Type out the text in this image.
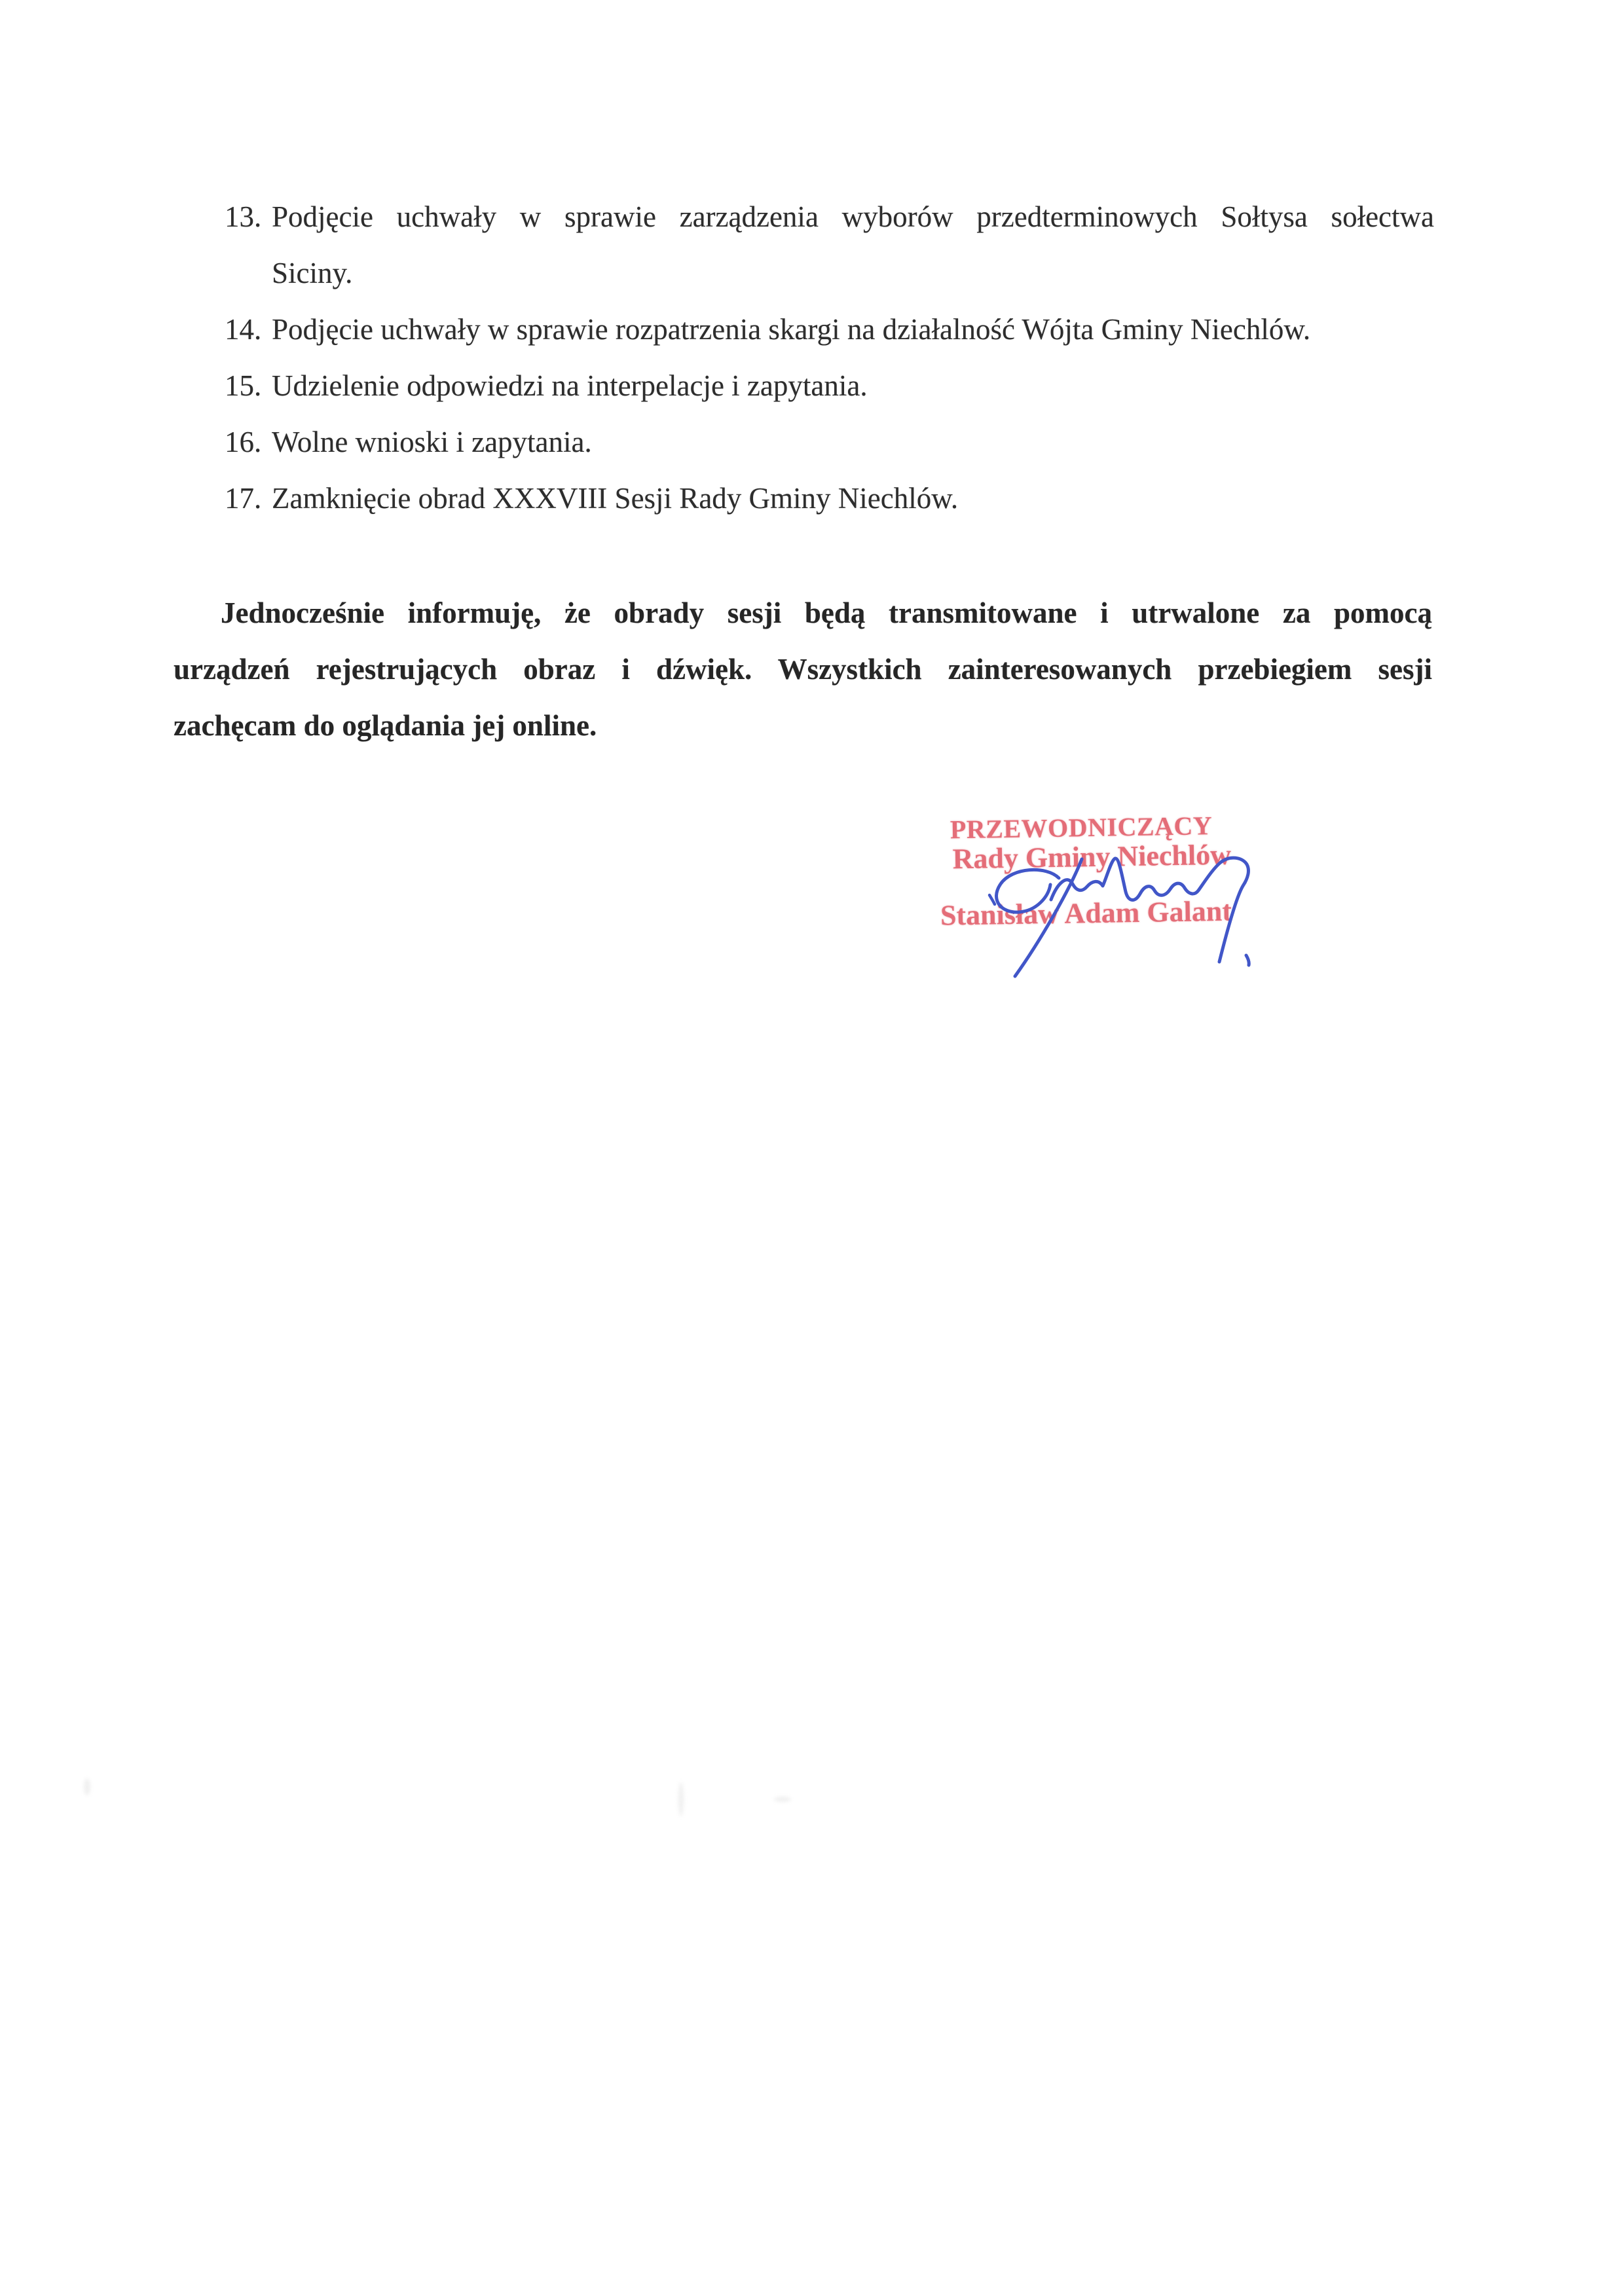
13. Podjęcie uchwały w sprawie zarządzenia wyborów przedterminowych Sołtysa sołectwa
Siciny.
14. Podjęcie uchwały w sprawie rozpatrzenia skargi na działalność Wójta Gminy Niechlów.
15. Udzielenie odpowiedzi na interpelacje i zapytania.
16. Wolne wnioski i zapytania.
17. Zamknięcie obrad XXXVIII Sesji Rady Gminy Niechlów.
Jednocześnie informuję, że obrady sesji będą transmitowane i utrwalone za pomocą
urządzeń rejestrujących obraz i dźwięk. Wszystkich zainteresowanych przebiegiem sesji
zachęcam do oglądania jej online.
PRZEWODNICZĄCY
Rady Gminy Niechlów
Stanisław Adam Galant
